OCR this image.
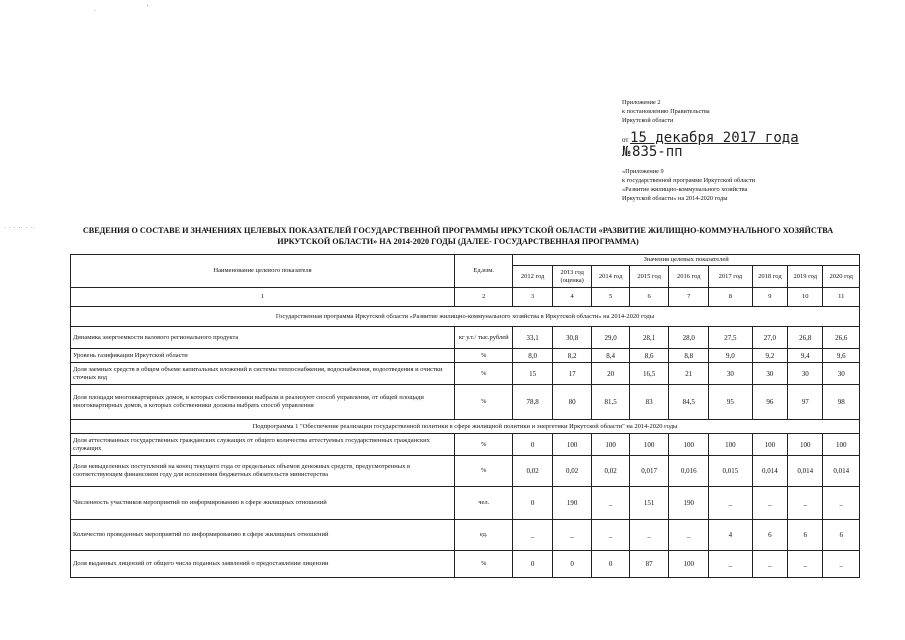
.	'
· · · ·· · ··
Приложение 2
к постановлению Правительства
Иркутской области
от 15 декабря 2017 года
№ 835-пп
«Приложение 9
к государственной программе Иркутской области
«Развитие жилищно-коммунального хозяйства
Иркутской области» на 2014-2020 годы
СВЕДЕНИЯ О СОСТАВЕ И ЗНАЧЕНИЯХ ЦЕЛЕВЫХ ПОКАЗАТЕЛЕЙ ГОСУДАРСТВЕННОЙ ПРОГРАММЫ ИРКУТСКОЙ ОБЛАСТИ «РАЗВИТИЕ ЖИЛИЩНО-КОММУНАЛЬНОГО ХОЗЯЙСТВА ИРКУТСКОЙ ОБЛАСТИ» НА 2014-2020 ГОДЫ (ДАЛЕЕ- ГОСУДАРСТВЕННАЯ ПРОГРАММА)
Наименование целевого показателя	Ед.изм.	Значения целевых показателей								
		2012 год	2013 год (оценка)	2014 год	2015 год	2016 год	2017 год	2018 год	2019 год	2020 год
1	2	3	4	5	6	7	8	9	10	11
Государственная программа Иркутской области «Развитие жилищно-коммунального хозяйства в Иркутской области» на 2014-2020 годы										
Динамика энергоемкости валового регионального продукта	кг у.т./ тыс.рублей	33,1	30,8	29,0	28,1	28,0	27,5	27,0	26,8	26,6
Уровень газификации Иркутской области	%	8,0	8,2	8,4	8,6	8,8	9,0	9,2	9,4	9,6
Доля заемных средств в общем объеме капитальных вложений в системы теплоснабжения, водоснабжения, водоотведения и очистки сточных вод	%	15	17	20	16,5	21	30	30	30	30
Доля площади многоквартирных домов, в которых собственники выбрали и реализуют способ управления, от общей площади многоквартирных домов, в которых собственники должны выбрать способ управления	%	78,8	80	81,5	83	84,5	95	96	97	98
Подпрограмма 1 "Обеспечение реализации государственной политики в сфере жилищной политики и энергетики Иркутской области" на 2014-2020 годы										
Доля аттестованных государственных гражданских служащих от общего количества аттестуемых государственных гражданских служащих	%	0	100	100	100	100	100	100	100	100
Доля невыделенных поступлений на конец текущего года от предельных объемов денежных средств, предусмотренных в соответствующем финансовом году для исполнения бюджетных обязательств министерства	%	0,02	0,02	0,02	0,017	0,016	0,015	0,014	0,014	0,014
Численность участников мероприятий по информированию в сфере жилищных отношений	чел.	0	190	_	151	190	_	_	_	_
Количество проведенных мероприятий по информированию в сфере жилищных отношений	ед.	_	_	_	_	_	4	6	6	6
Доля выданных лицензий от общего числа поданных заявлений о предоставлении лицензии	%	0	0	0	87	100	_	_	_	_
